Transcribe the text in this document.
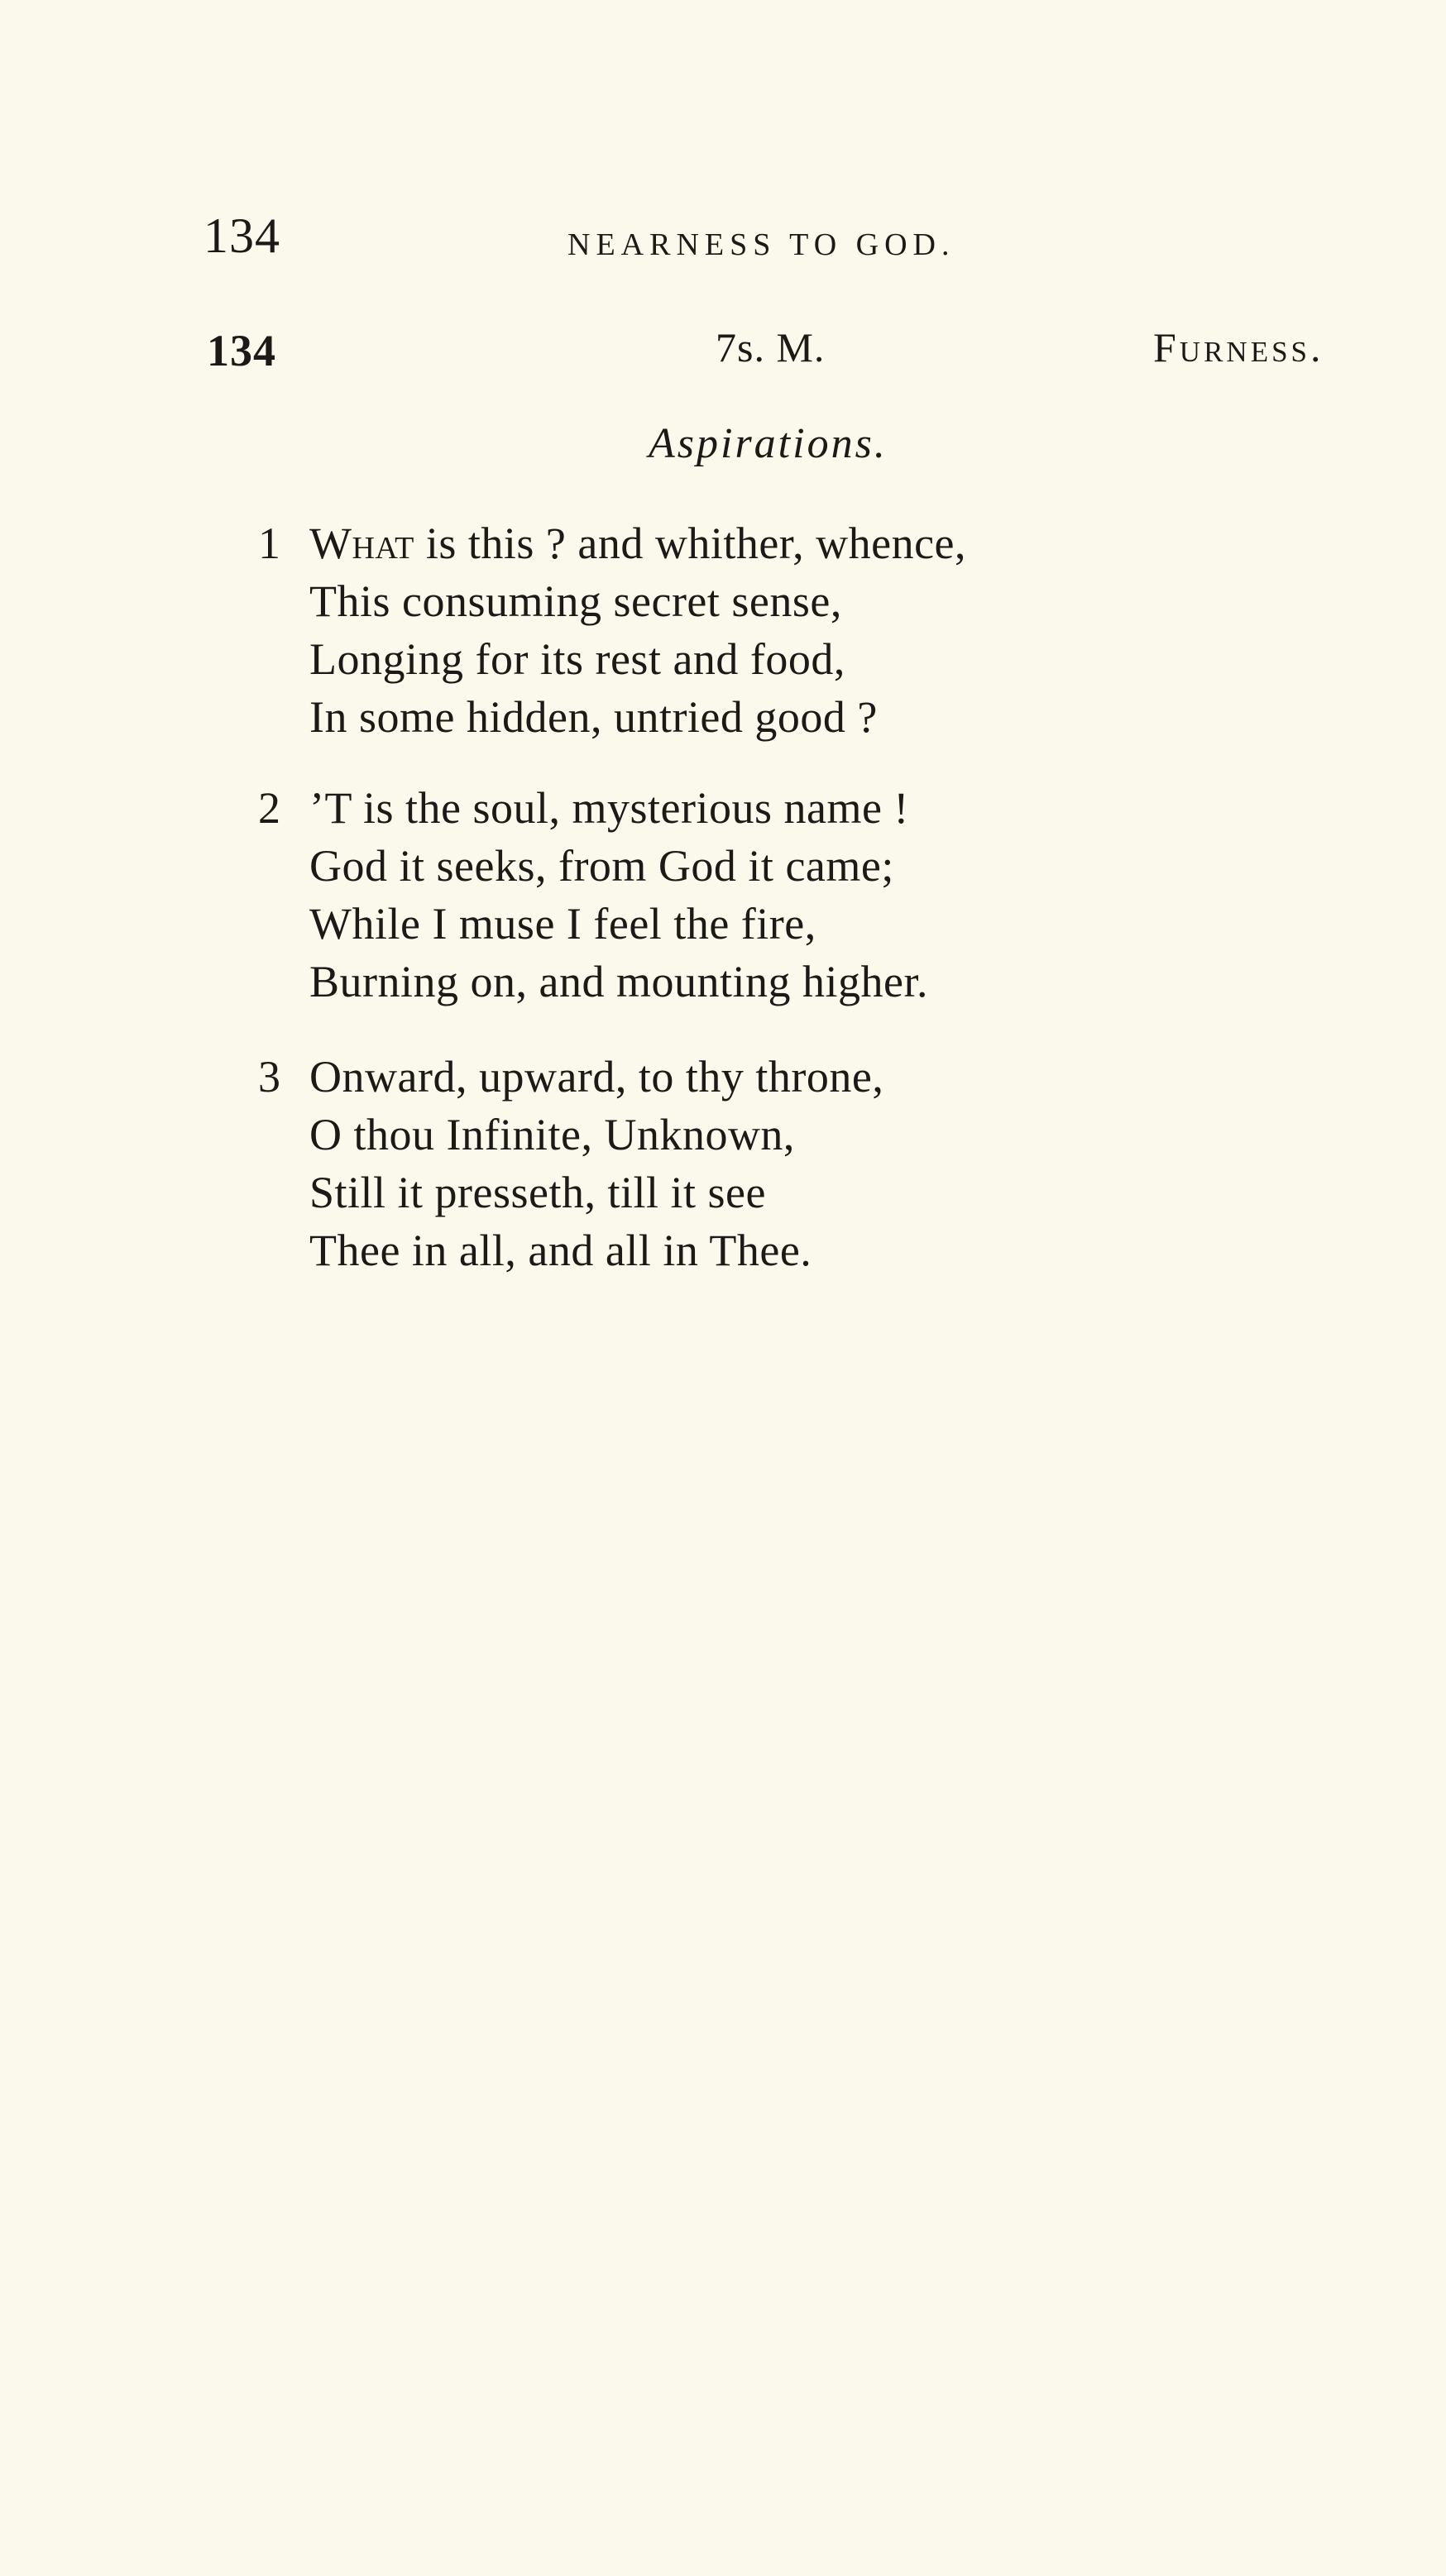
134	NEARNESS TO GOD.
134	7s. M.	Furness.
Aspirations.
1 What is this ? and whither, whence,
This consuming secret sense,
Longing for its rest and food,
In some hidden, untried good ?
2 ’T is the soul, mysterious name !
God it seeks, from God it came;
While I muse I feel the fire,
Burning on, and mounting higher.
3 Onward, upward, to thy throne,
O thou Infinite, Unknown,
Still it presseth, till it see
Thee in all, and all in Thee.
